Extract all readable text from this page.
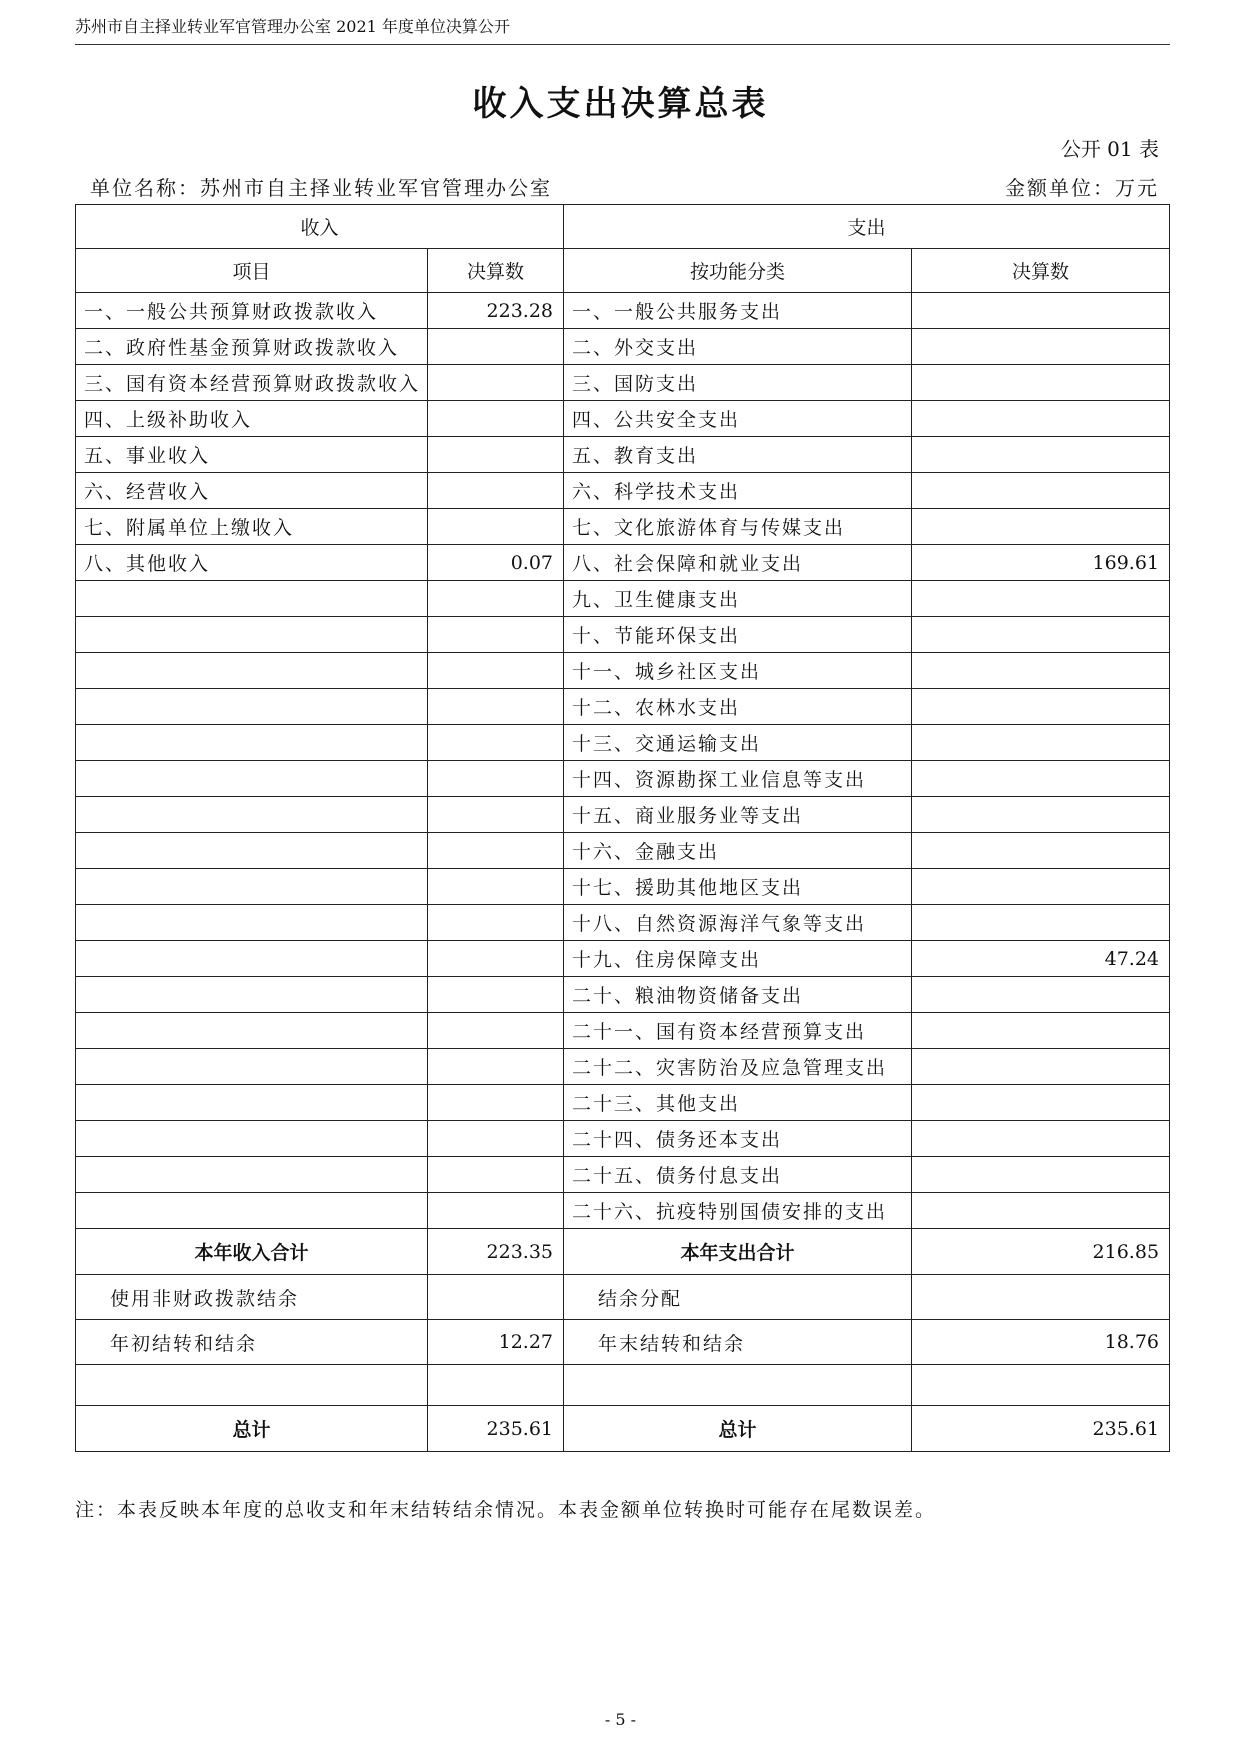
苏州市自主择业转业军官管理办公室 2021 年度单位决算公开
收入支出决算总表
公开 01 表
单位名称：苏州市自主择业转业军官管理办公室	金额单位：万元
收入		支出	
项目	决算数	按功能分类	决算数
一、一般公共预算财政拨款收入	223.28	一、一般公共服务支出	
二、政府性基金预算财政拨款收入		二、外交支出	
三、国有资本经营预算财政拨款收入		三、国防支出	
四、上级补助收入		四、公共安全支出	
五、事业收入		五、教育支出	
六、经营收入		六、科学技术支出	
七、附属单位上缴收入		七、文化旅游体育与传媒支出	
八、其他收入	0.07	八、社会保障和就业支出	169.61
		九、卫生健康支出	
		十、节能环保支出	
		十一、城乡社区支出	
		十二、农林水支出	
		十三、交通运输支出	
		十四、资源勘探工业信息等支出	
		十五、商业服务业等支出	
		十六、金融支出	
		十七、援助其他地区支出	
		十八、自然资源海洋气象等支出	
		十九、住房保障支出	47.24
		二十、粮油物资储备支出	
		二十一、国有资本经营预算支出	
		二十二、灾害防治及应急管理支出	
		二十三、其他支出	
		二十四、债务还本支出	
		二十五、债务付息支出	
		二十六、抗疫特别国债安排的支出	
本年收入合计	223.35	本年支出合计	216.85
使用非财政拨款结余		结余分配	
年初结转和结余	12.27	年末结转和结余	18.76

总计	235.61	总计	235.61
注：本表反映本年度的总收支和年末结转结余情况。本表金额单位转换时可能存在尾数误差。
- 5 -
